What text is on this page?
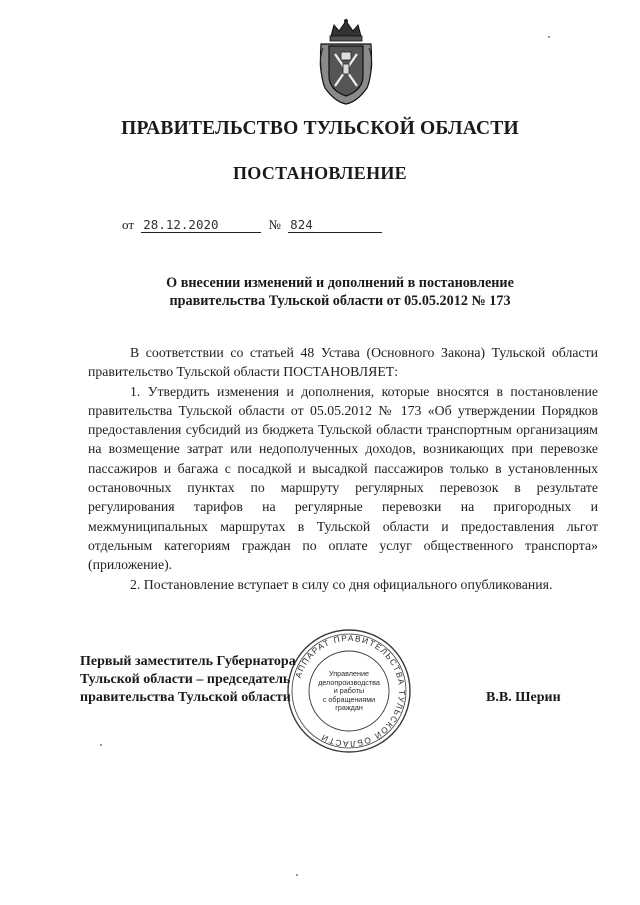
ПРАВИТЕЛЬСТВО ТУЛЬСКОЙ ОБЛАСТИ
ПОСТАНОВЛЕНИЕ
от 28.12.2020	№ 824
О внесении изменений и дополнений в постановление
правительства Тульской области от 05.05.2012 № 173

В соответствии со статьей 48 Устава (Основного Закона) Тульской области правительство Тульской области ПОСТАНОВЛЯЕТ:

1. Утвердить изменения и дополнения, которые вносятся в постановление правительства Тульской области от 05.05.2012 № 173 «Об утверждении Порядков предоставления субсидий из бюджета Тульской области транспортным организациям на возмещение затрат или недополученных доходов, возникающих при перевозке пассажиров и багажа с посадкой и высадкой пассажиров только в установленных остановочных пунктах по маршруту регулярных перевозок в результате регулирования тарифов на регулярные перевозки на пригородных и межмуниципальных маршрутах в Тульской области и предоставления льгот отдельным категориям граждан по оплате услуг общественного транспорта» (приложение).

2. Постановление вступает в силу со дня официального опубликования.

АППАРАТ ПРАВИТЕЛЬСТВА ТУЛЬСКОЙ ОБЛАСТИ
Управление
делопроизводства
и работы
с обращениями
граждан
Первый заместитель Губернатора
Тульской области – председатель
правительства Тульской области	В.В. Шерин
